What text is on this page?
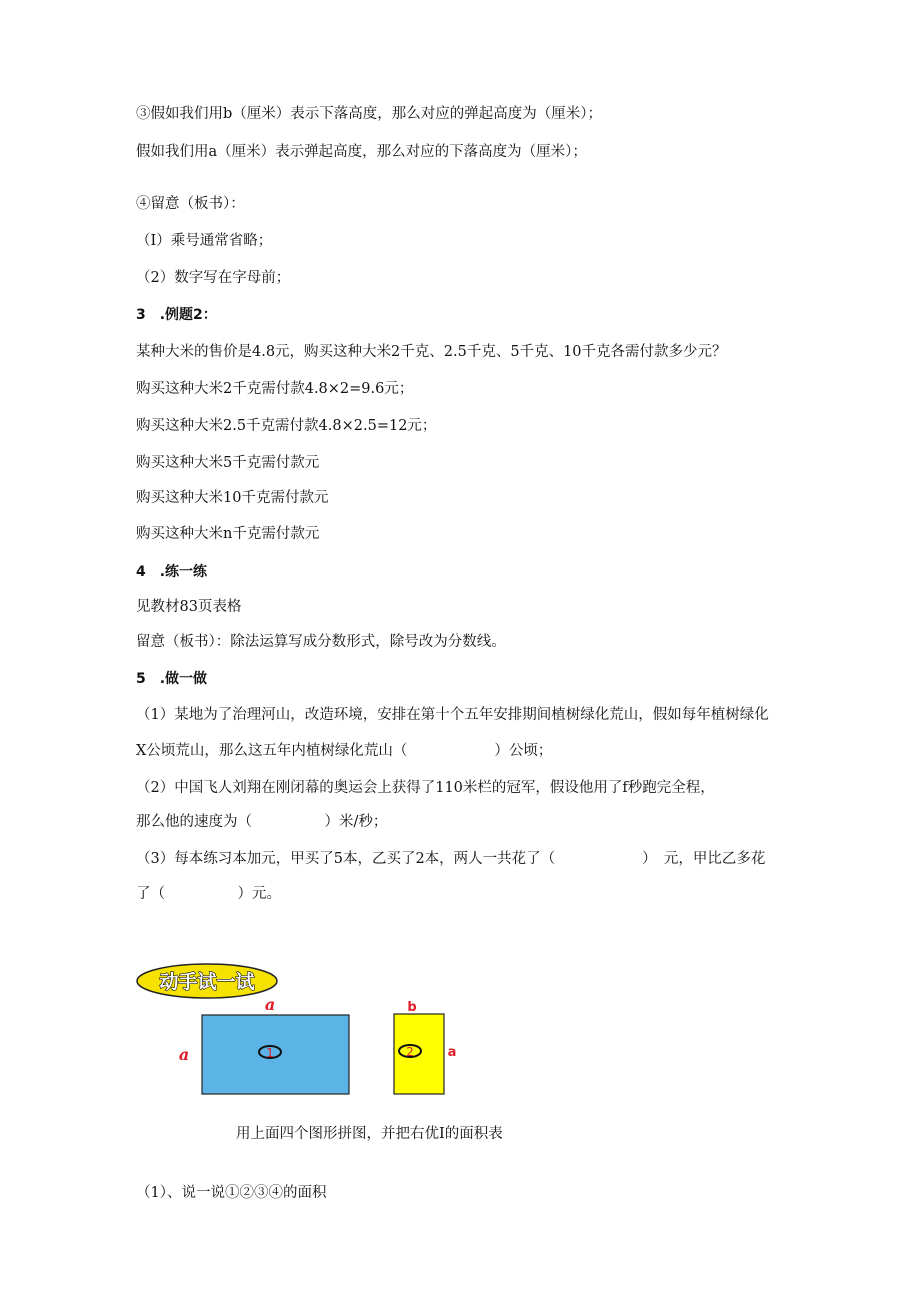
③假如我们用b（厘米）表示下落高度，那么对应的弹起高度为（厘米）；
假如我们用a（厘米）表示弹起高度，那么对应的下落高度为（厘米）；
④留意（板书）：
（I）乘号通常省略；
（2）数字写在字母前；
3　.例题2：
某种大米的售价是4.8元，购买这种大米2千克、2.5千克、5千克、10千克各需付款多少元？
购买这种大米2千克需付款4.8×2=9.6元；
购买这种大米2.5千克需付款4.8×2.5=12元；
购买这种大米5千克需付款元
购买这种大米10千克需付款元
购买这种大米n千克需付款元
4　.练一练
见教材83页表格
留意（板书）：除法运算写成分数形式，除号改为分数线。
5　.做一做
（1）某地为了治理河山，改造环境，安排在第十个五年安排期间植树绿化荒山，假如每年植树绿化
X公顷荒山，那么这五年内植树绿化荒山（　　　　　　）公顷；
（2）中国飞人刘翔在刚闭幕的奥运会上获得了110米栏的冠军，假设他用了f秒跑完全程，
那么他的速度为（　　　　　）米/秒；
（3）每本练习本加元，甲买了5本，乙买了2本，两人一共花了（　　　　　　）　元，甲比乙多花
了（　　　　　）元。
动手试一试
a
a	1
b
a
2
用上面四个图形拼图，并把右优Ⅰ的面积表
（1）、说一说①②③④的面积
